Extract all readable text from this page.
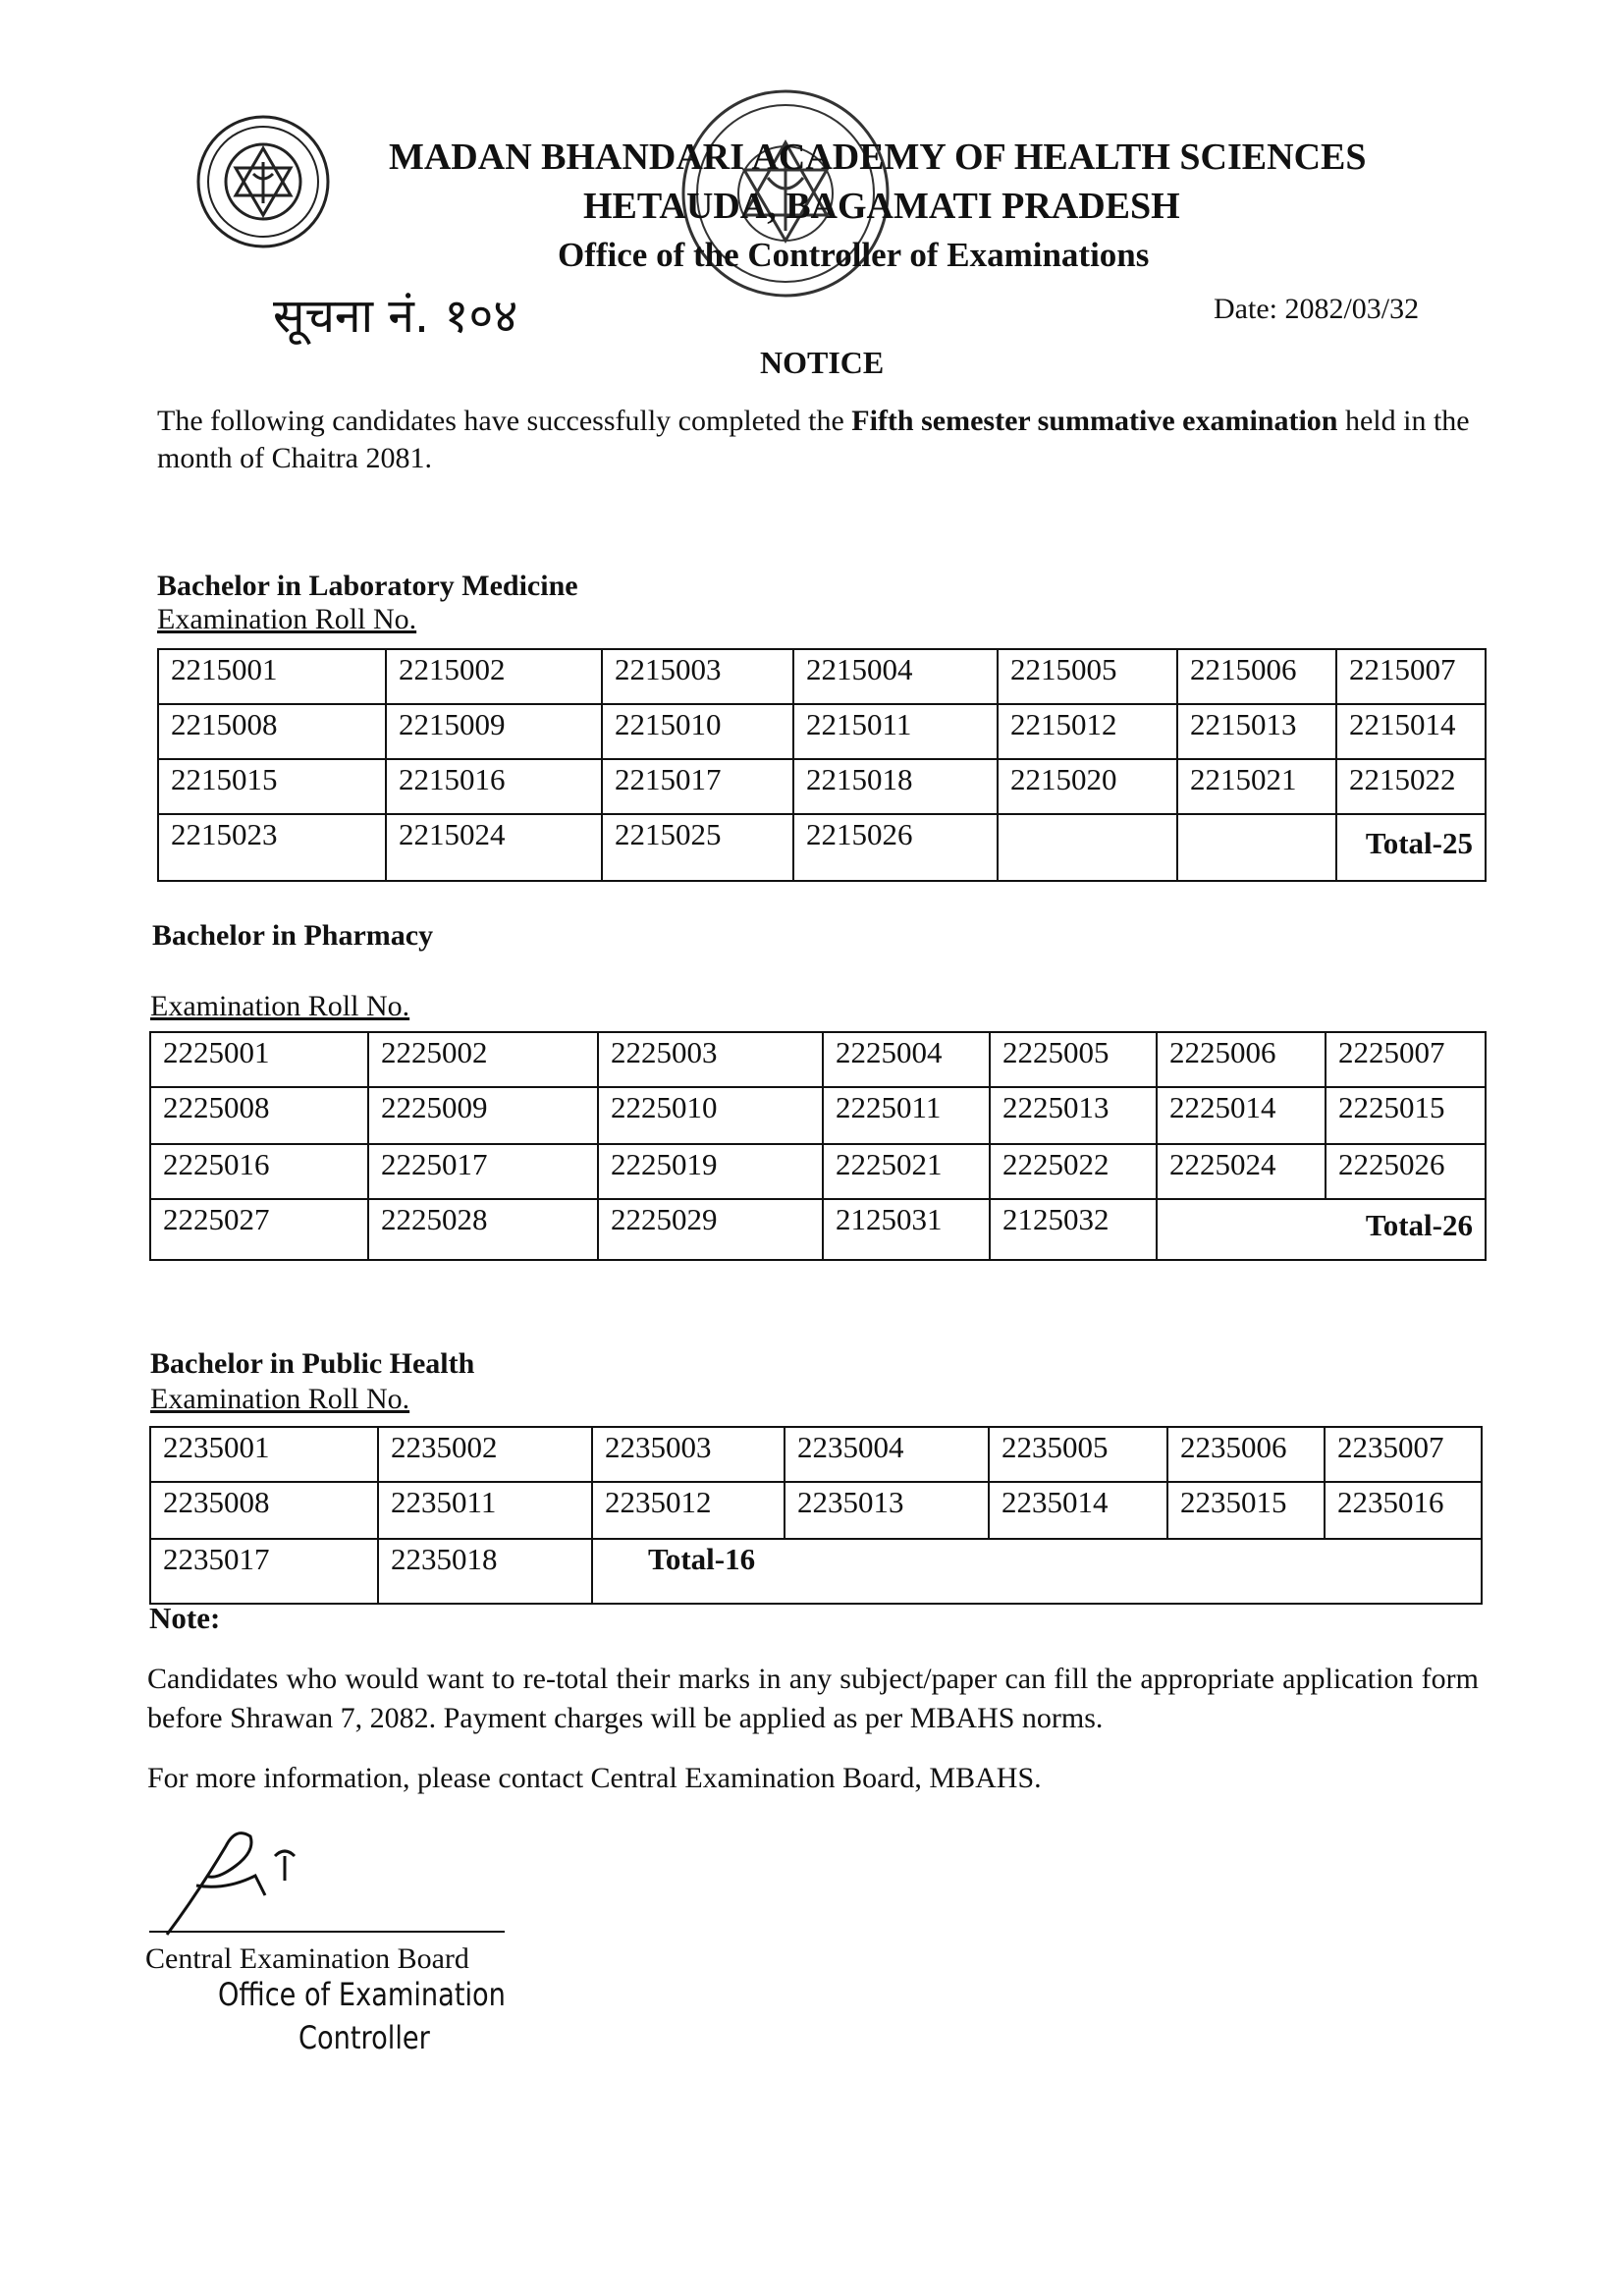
MADAN BHANDARI ACADEMY OF HEALTH SCIENCES
HETAUDA, BAGAMATI PRADESH
Office of the Controller of Examinations
सूचना नं. १०४	Date: 2082/03/32
NOTICE
The following candidates have successfully completed the Fifth semester summative examination held in the month of Chaitra 2081.
Bachelor in Laboratory Medicine
Examination Roll No.
2215001	2215002	2215003	2215004	2215005	2215006	2215007
2215008	2215009	2215010	2215011	2215012	2215013	2215014
2215015	2215016	2215017	2215018	2215020	2215021	2215022
2215023	2215024	2215025	2215026			Total-25
Bachelor in Pharmacy
Examination Roll No.
2225001	2225002	2225003	2225004	2225005	2225006	2225007
2225008	2225009	2225010	2225011	2225013	2225014	2225015
2225016	2225017	2225019	2225021	2225022	2225024	2225026
2225027	2225028	2225029	2125031	2125032	Total-26	
Bachelor in Public Health
Examination Roll No.
2235001	2235002	2235003	2235004	2235005	2235006	2235007
2235008	2235011	2235012	2235013	2235014	2235015	2235016
2235017	2235018	Total-16				
Note:
Candidates who would want to re-total their marks in any subject/paper can fill the appropriate application form before Shrawan 7, 2082. Payment charges will be applied as per MBAHS norms.
For more information, please contact Central Examination Board, MBAHS.
Central Examination Board
Office of Examination
Controller
